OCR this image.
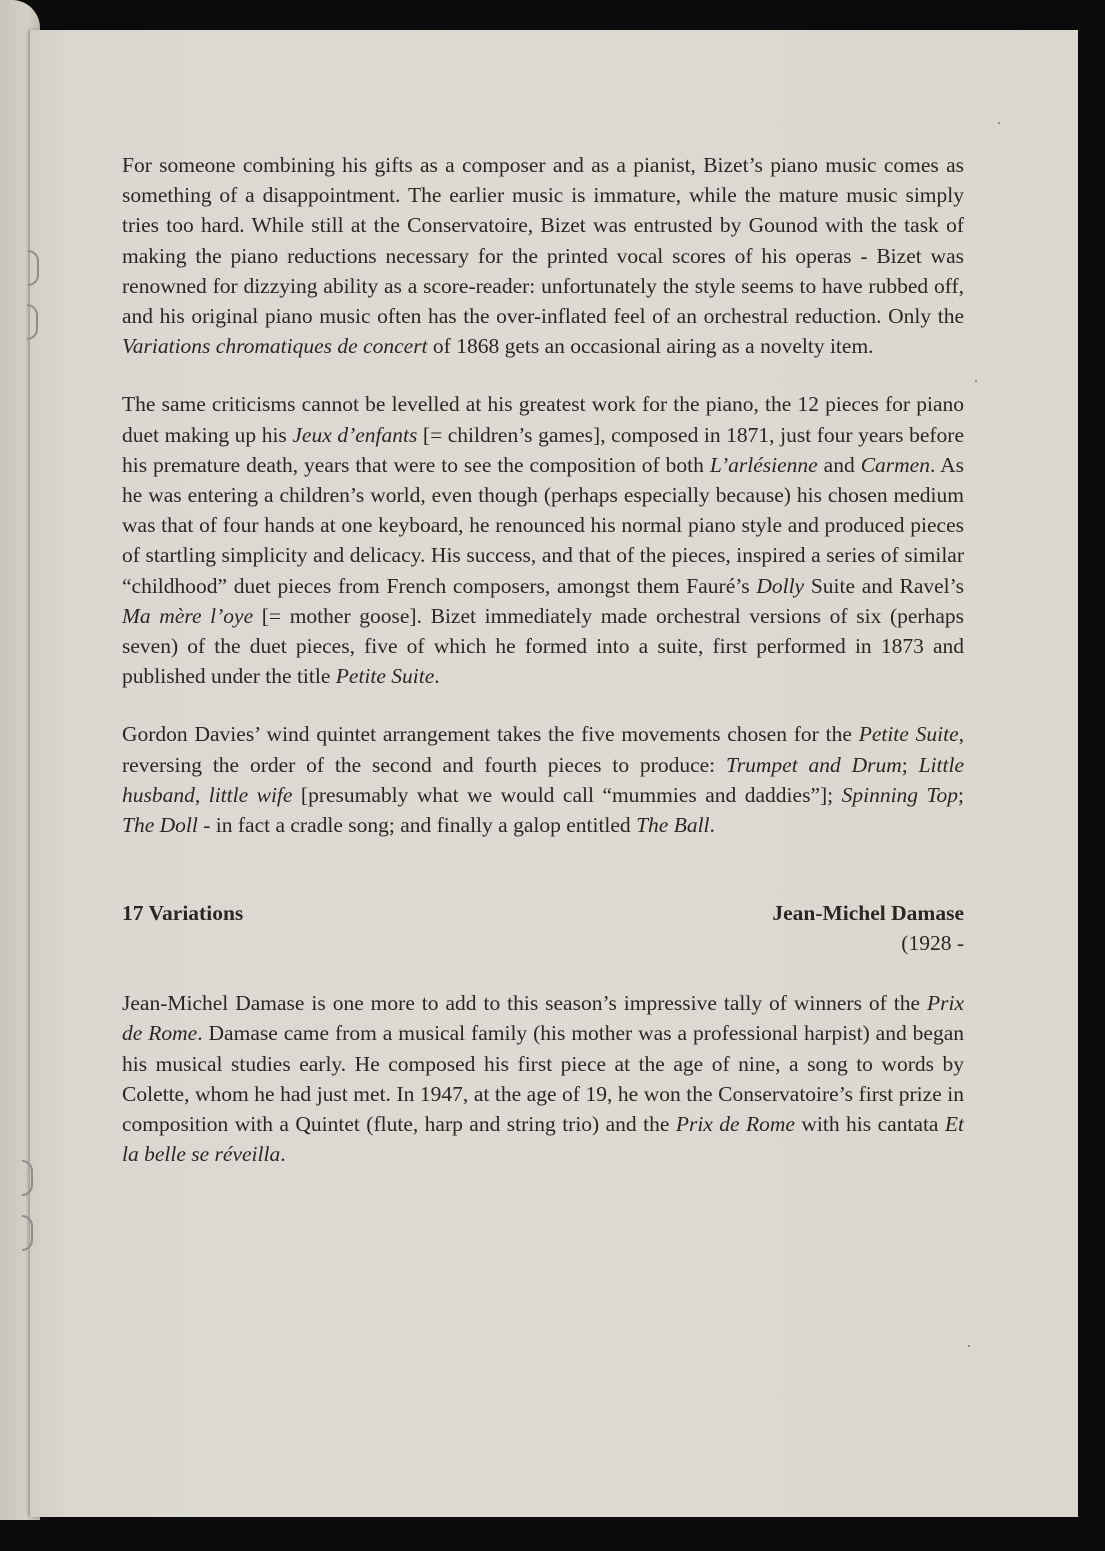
For someone combining his gifts as a composer and as a pianist, Bizet’s piano music comes as something of a disappointment. The earlier music is immature, while the mature music simply tries too hard. While still at the Conservatoire, Bizet was entrusted by Gounod with the task of making the piano reductions necessary for the printed vocal scores of his operas - Bizet was renowned for dizzying ability as a score-reader: unfortunately the style seems to have rubbed off, and his original piano music often has the over-inflated feel of an orchestral reduction. Only the Variations chromatiques de concert of 1868 gets an occasional airing as a novelty item.

The same criticisms cannot be levelled at his greatest work for the piano, the 12 pieces for piano duet making up his Jeux d’enfants [= children’s games], composed in 1871, just four years before his premature death, years that were to see the composition of both L’arlésienne and Carmen. As he was entering a children’s world, even though (perhaps especially because) his chosen medium was that of four hands at one keyboard, he renounced his normal piano style and produced pieces of startling simplicity and delicacy. His success, and that of the pieces, inspired a series of similar “childhood” duet pieces from French composers, amongst them Fauré’s Dolly Suite and Ravel’s Ma mère l’oye [= mother goose]. Bizet immediately made orchestral versions of six (perhaps seven) of the duet pieces, five of which he formed into a suite, first performed in 1873 and published under the title Petite Suite.

Gordon Davies’ wind quintet arrangement takes the five movements chosen for the Petite Suite, reversing the order of the second and fourth pieces to produce: Trumpet and Drum; Little husband, little wife [presumably what we would call “mummies and daddies”]; Spinning Top; The Doll - in fact a cradle song; and finally a galop entitled The Ball.

17 Variations	Jean-Michel Damase
(1928 -

Jean-Michel Damase is one more to add to this season’s impressive tally of winners of the Prix de Rome. Damase came from a musical family (his mother was a professional harpist) and began his musical studies early. He composed his first piece at the age of nine, a song to words by Colette, whom he had just met. In 1947, at the age of 19, he won the Conservatoire’s first prize in composition with a Quintet (flute, harp and string trio) and the Prix de Rome with his cantata Et la belle se réveilla.
